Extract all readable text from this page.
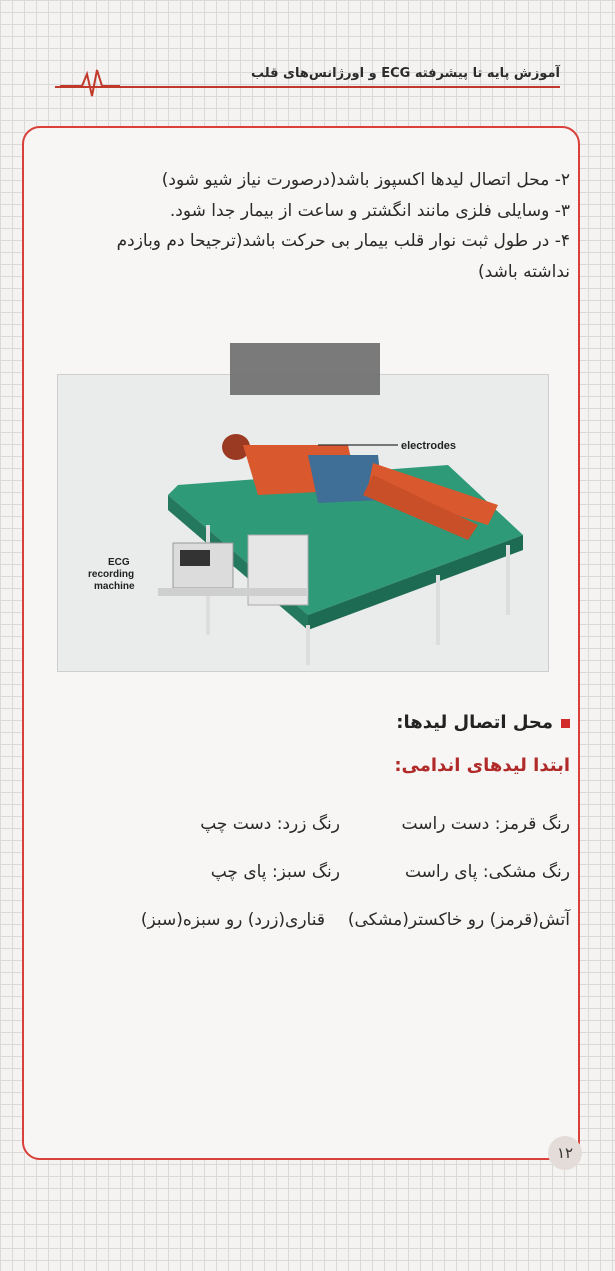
آموزش پایه تا پیشرفته ECG و اورژانس‌های قلب

۲- محل اتصال لیدها اکسپوز باشد(درصورت نیاز شیو شود)

۳- وسایلی فلزی مانند انگشتر و ساعت از بیمار جدا شود.

۴- در طول ثبت نوار قلب بیمار بی حرکت باشد(ترجیحا دم وبازدم نداشته باشد)

electrodes
ECG
recording
machine
محل اتصال لیدها:
ابتدا لیدهای اندامی:
رنگ قرمز: دست راست
رنگ زرد: دست چپ
رنگ مشکی: پای راست
رنگ سبز: پای چپ
آتش(قرمز) رو خاکستر(مشکی)
قناری(زرد) رو سبزه(سبز)
۱۲
